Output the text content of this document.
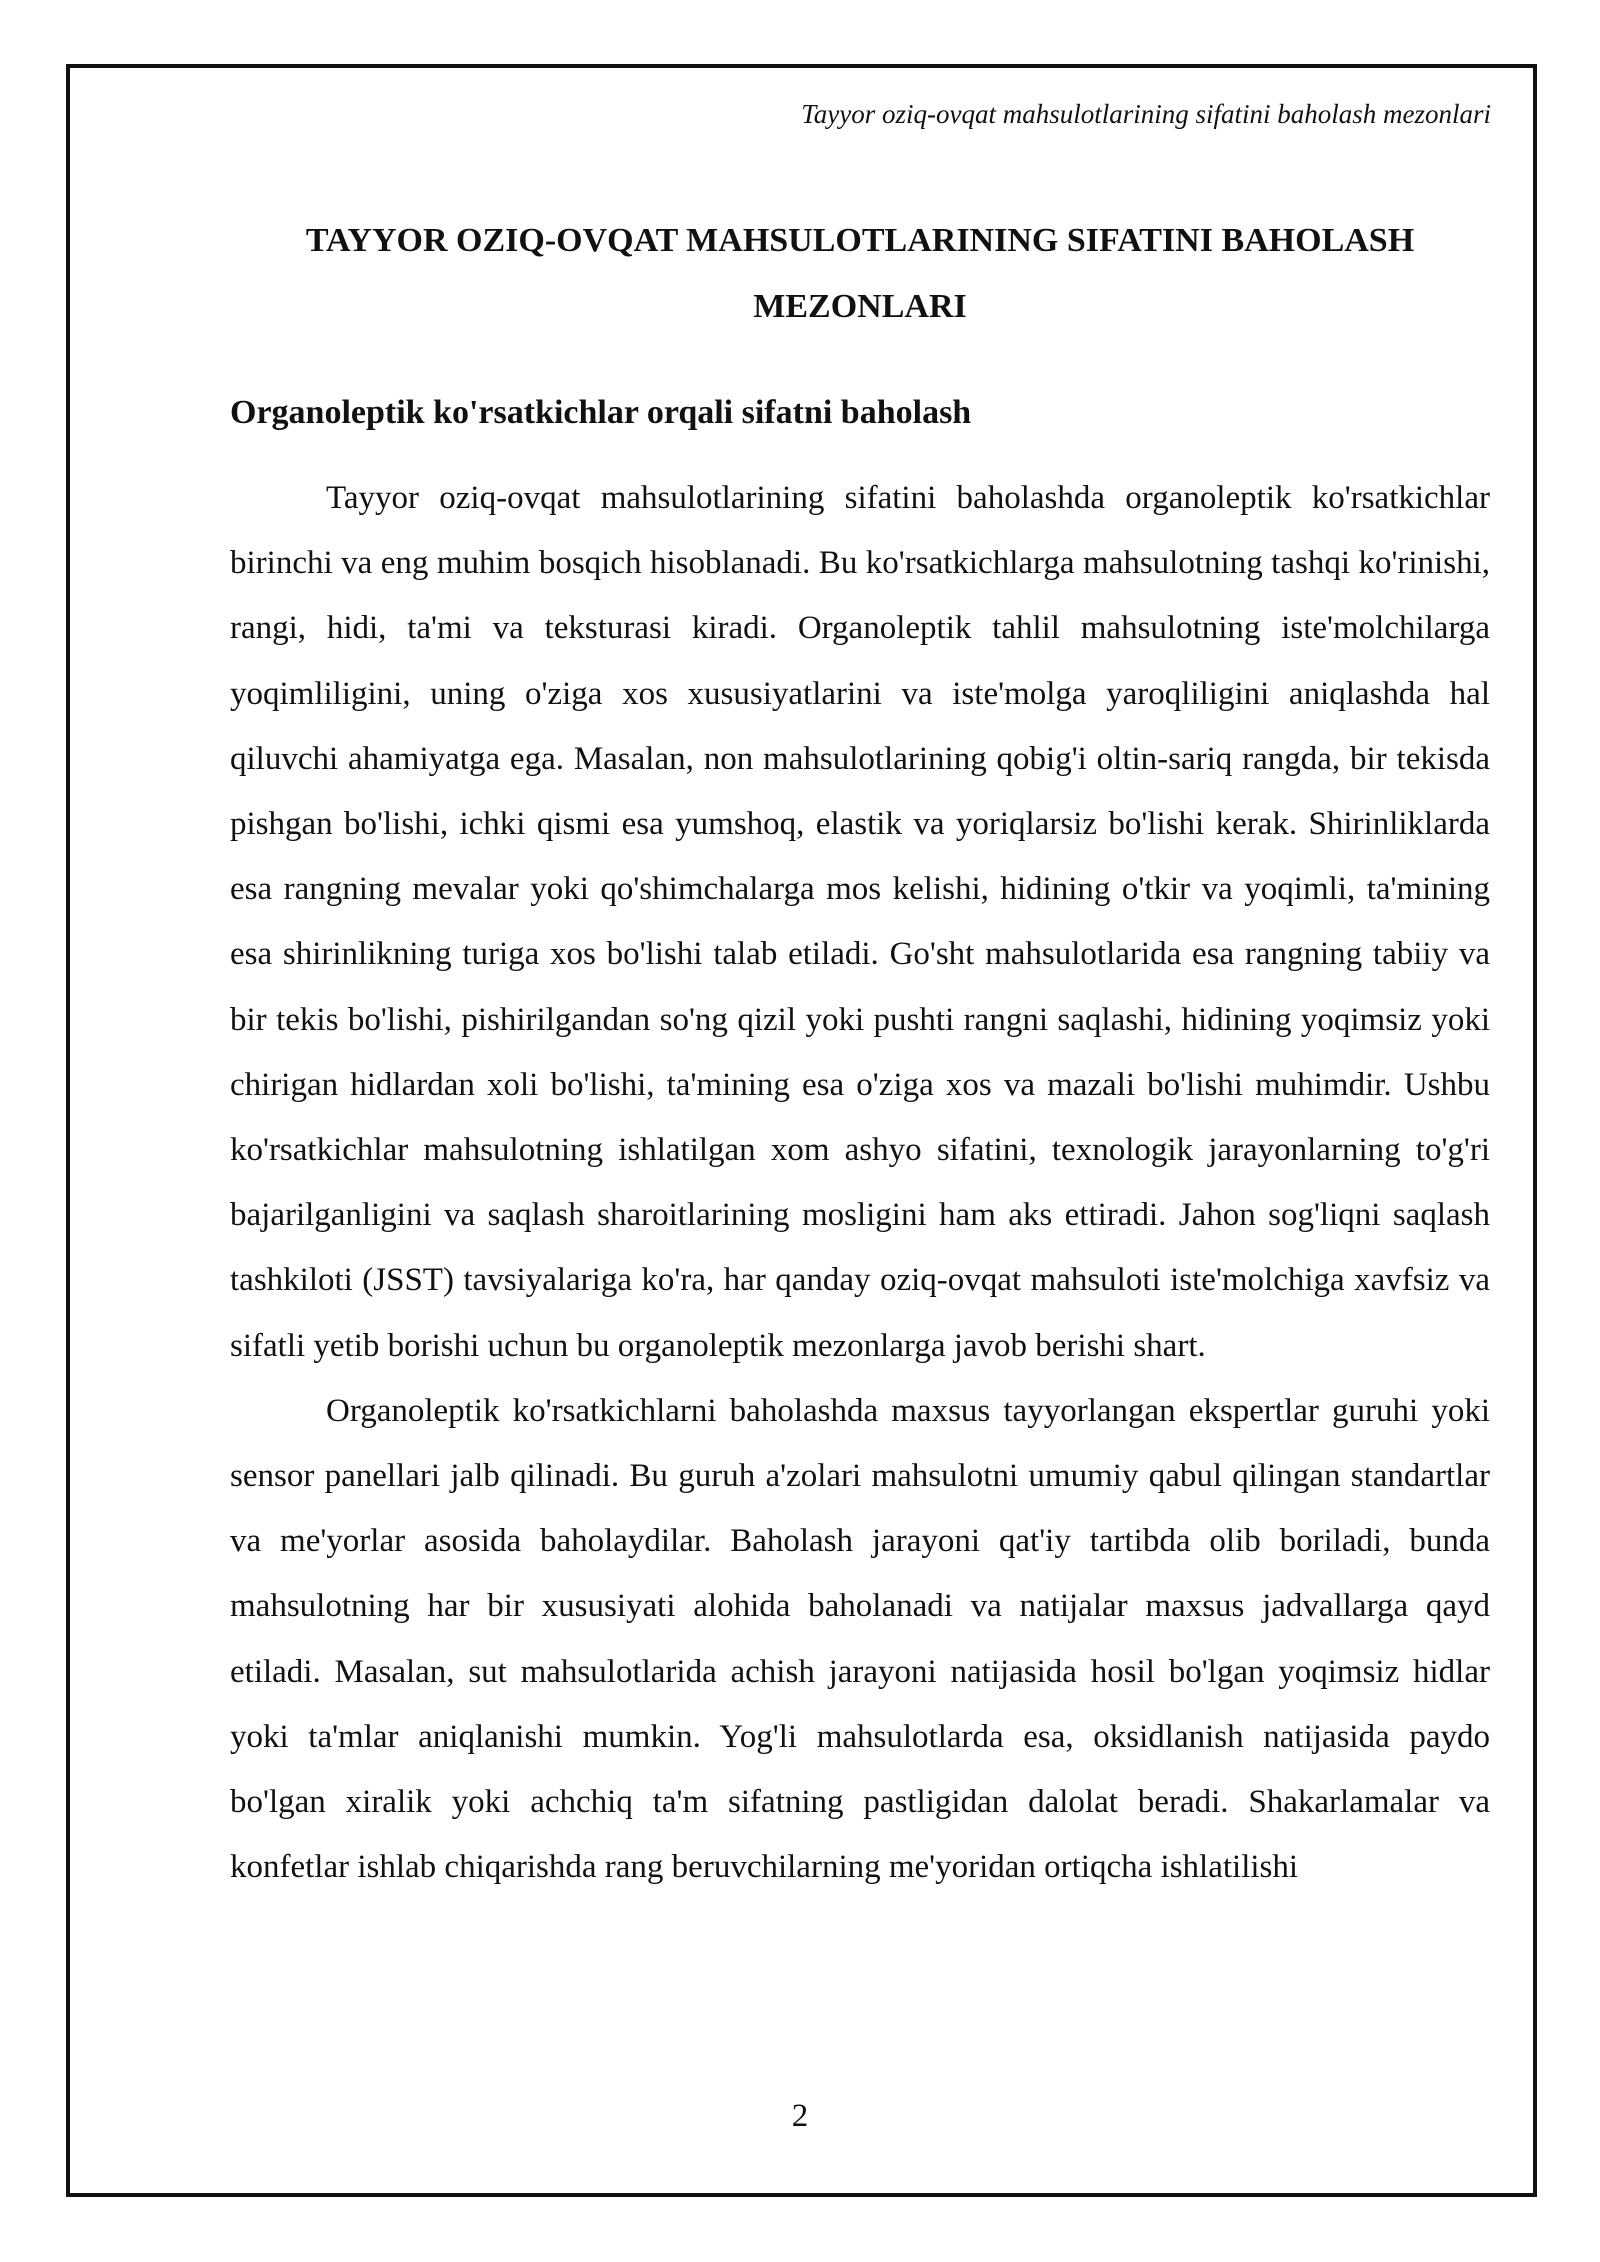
Tayyor oziq-ovqat mahsulotlarining sifatini baholash mezonlari
TAYYOR OZIQ-OVQAT MAHSULOTLARINING SIFATINI BAHOLASH MEZONLARI
Organoleptik ko'rsatkichlar orqali sifatni baholash

Tayyor oziq-ovqat mahsulotlarining sifatini baholashda organoleptik ko'rsatkichlar birinchi va eng muhim bosqich hisoblanadi. Bu ko'rsatkichlarga mahsulotning tashqi ko'rinishi, rangi, hidi, ta'mi va teksturasi kiradi. Organoleptik tahlil mahsulotning iste'molchilarga yoqimliligini, uning o'ziga xos xususiyatlarini va iste'molga yaroqliligini aniqlashda hal qiluvchi ahamiyatga ega. Masalan, non mahsulotlarining qobig'i oltin-sariq rangda, bir tekisda pishgan bo'lishi, ichki qismi esa yumshoq, elastik va yoriqlarsiz bo'lishi kerak. Shirinliklarda esa rangning mevalar yoki qo'shimchalarga mos kelishi, hidining o'tkir va yoqimli, ta'mining esa shirinlikning turiga xos bo'lishi talab etiladi. Go'sht mahsulotlarida esa rangning tabiiy va bir tekis bo'lishi, pishirilgandan so'ng qizil yoki pushti rangni saqlashi, hidining yoqimsiz yoki chirigan hidlardan xoli bo'lishi, ta'mining esa o'ziga xos va mazali bo'lishi muhimdir. Ushbu ko'rsatkichlar mahsulotning ishlatilgan xom ashyo sifatini, texnologik jarayonlarning to'g'ri bajarilganligini va saqlash sharoitlarining mosligini ham aks ettiradi. Jahon sog'liqni saqlash tashkiloti (JSST) tavsiyalariga ko'ra, har qanday oziq-ovqat mahsuloti iste'molchiga xavfsiz va sifatli yetib borishi uchun bu organoleptik mezonlarga javob berishi shart.

Organoleptik ko'rsatkichlarni baholashda maxsus tayyorlangan ekspertlar guruhi yoki sensor panellari jalb qilinadi. Bu guruh a'zolari mahsulotni umumiy qabul qilingan standartlar va me'yorlar asosida baholaydilar. Baholash jarayoni qat'iy tartibda olib boriladi, bunda mahsulotning har bir xususiyati alohida baholanadi va natijalar maxsus jadvallarga qayd etiladi. Masalan, sut mahsulotlarida achish jarayoni natijasida hosil bo'lgan yoqimsiz hidlar yoki ta'mlar aniqlanishi mumkin. Yog'li mahsulotlarda esa, oksidlanish natijasida paydo bo'lgan xiralik yoki achchiq ta'm sifatning pastligidan dalolat beradi. Shakarlamalar va konfetlar ishlab chiqarishda rang beruvchilarning me'yoridan ortiqcha ishlatilishi

2
